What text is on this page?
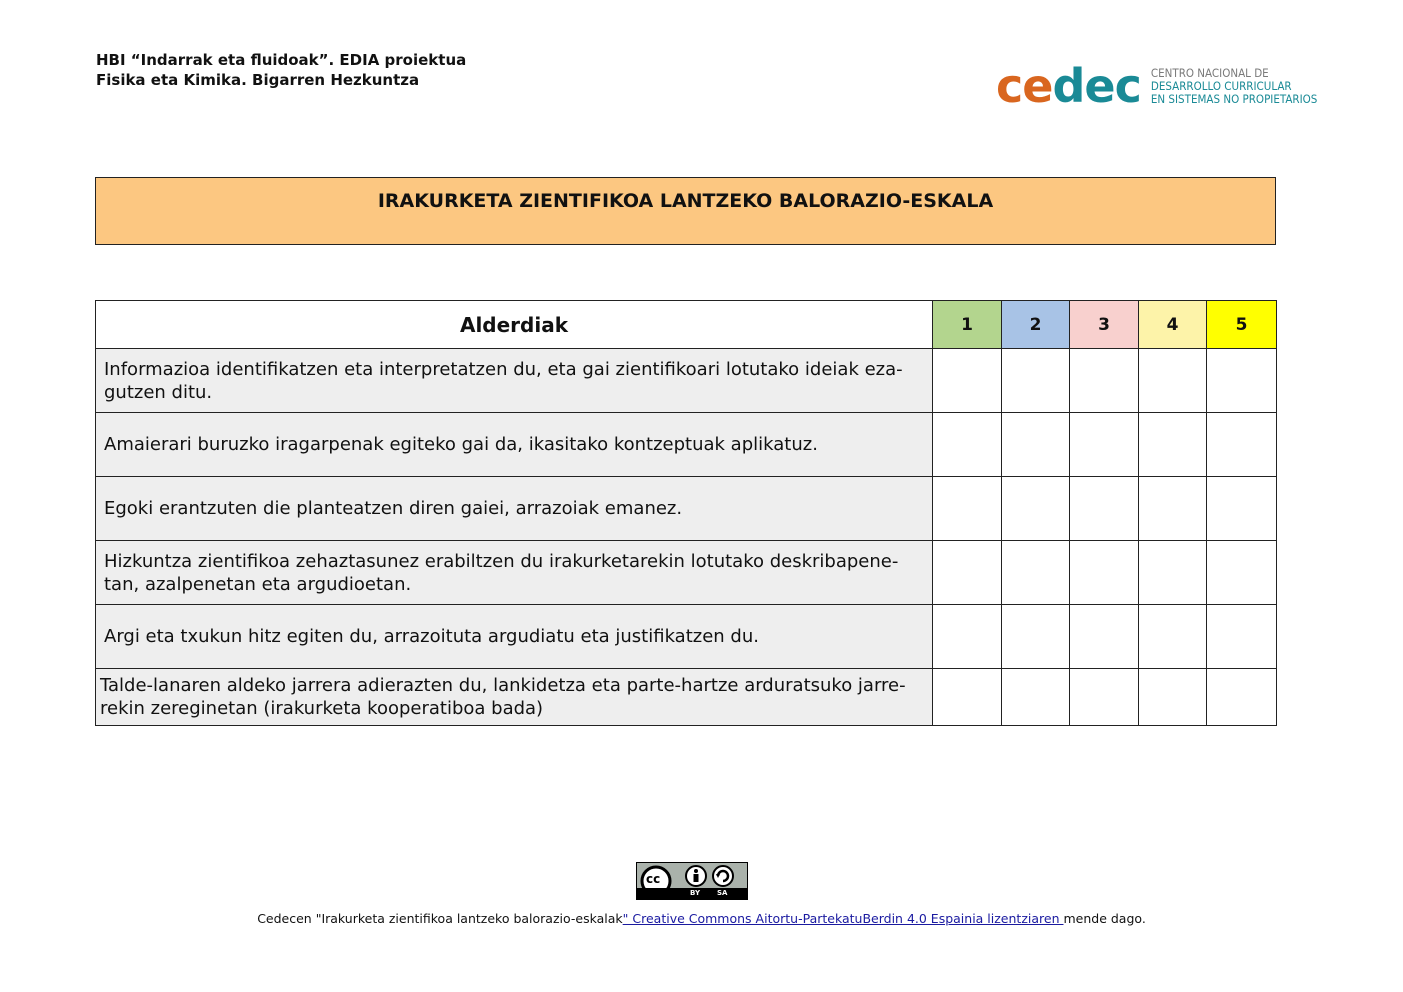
HBI “Indarrak eta fluidoak”. EDIA proiektua
Fisika eta Kimika. Bigarren Hezkuntza	cedec CENTRO NACIONAL DE
DESARROLLO CURRICULAR
EN SISTEMAS NO PROPIETARIOS
IRAKURKETA ZIENTIFIKOA LANTZEKO BALORAZIO-ESKALA
Alderdiak	1	2	3	4	5

Informazioa identifikatzen eta interpretatzen du, eta gai zientifikoari lotutako ideiak eza-
gutzen ditu.					

Amaierari buruzko iragarpenak egiteko gai da, ikasitako kontzeptuak aplikatuz.					

Egoki erantzuten die planteatzen diren gaiei, arrazoiak emanez.					

Hizkuntza zientifikoa zehaztasunez erabiltzen du irakurketarekin lotutako deskribapene-
tan, azalpenetan eta argudioetan.					

Argi eta txukun hitz egiten du, arrazoituta argudiatu eta justifikatzen du.					

Talde-lanaren aldeko jarrera adierazten du, lankidetza eta parte-hartze arduratsuko jarre-
rekin zereginetan (irakurketa kooperatiboa bada)					

cc
BY SA
Cedecen "Irakurketa zientifikoa lantzeko balorazio-eskalak" Creative Commons Aitortu-PartekatuBerdin 4.0 Espainia lizentziaren mende dago.
